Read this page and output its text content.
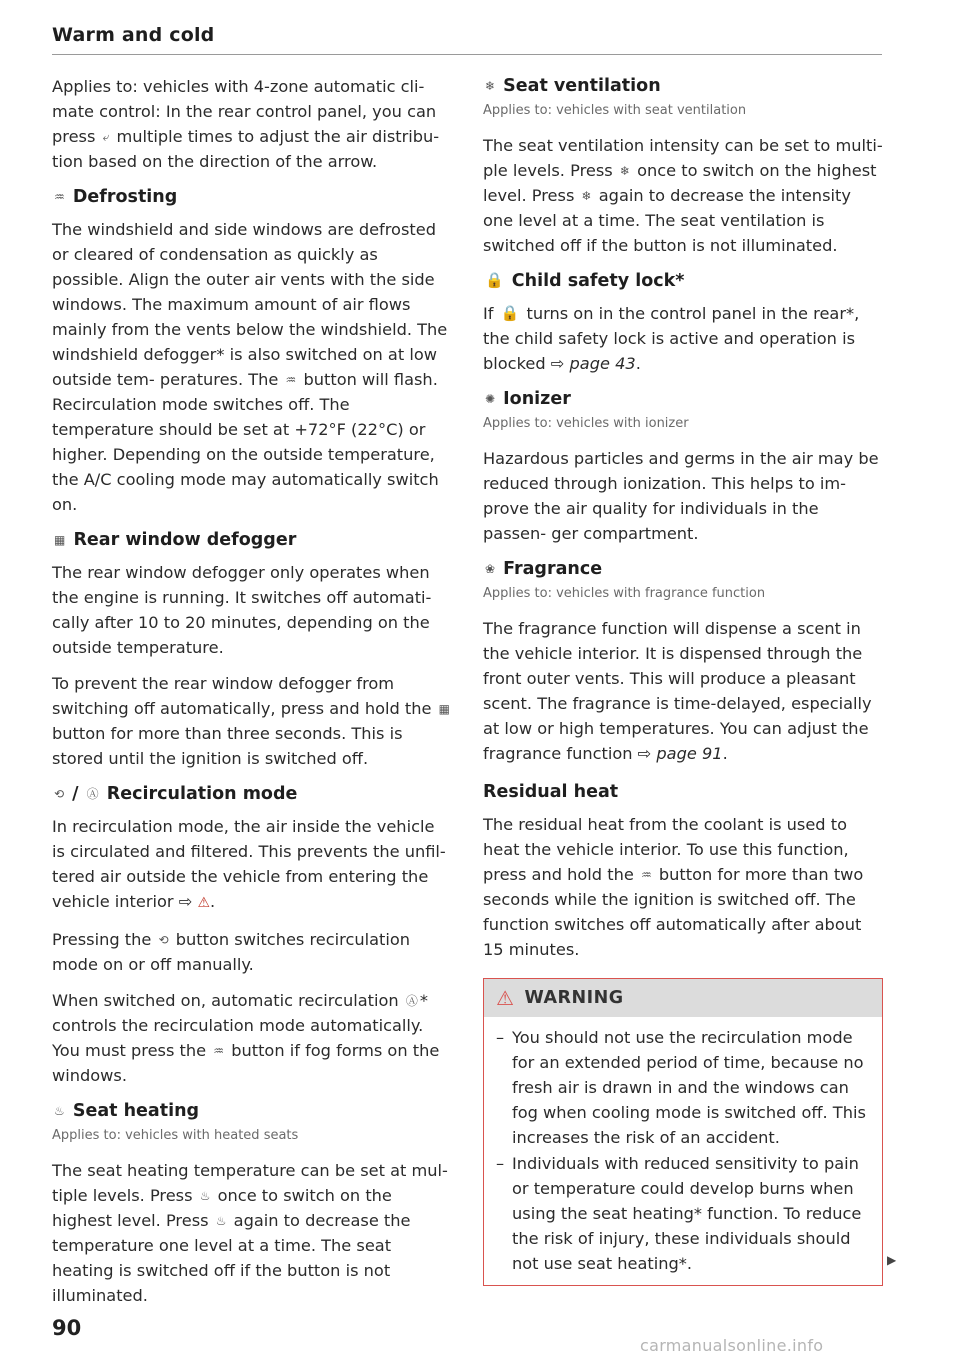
Warm and cold

Applies to: vehicles with 4-zone automatic cli- mate control: In the rear control panel, you can press ⤶ multiple times to adjust the air distribu- tion based on the direction of the arrow.

♒ Defrosting

The windshield and side windows are defrosted or cleared of condensation as quickly as possible. Align the outer air vents with the side windows. The maximum amount of air flows mainly from the vents below the windshield. The windshield defogger* is also switched on at low outside tem- peratures. The ♒ button will flash. Recirculation mode switches off. The temperature should be set at +72°F (22°C) or higher. Depending on the outside temperature, the A/C cooling mode may automatically switch on.

▦ Rear window defogger

The rear window defogger only operates when the engine is running. It switches off automati- cally after 10 to 20 minutes, depending on the outside temperature.

To prevent the rear window defogger from switching off automatically, press and hold the ▦ button for more than three seconds. This is stored until the ignition is switched off.

⟲ / Ⓐ Recirculation mode

In recirculation mode, the air inside the vehicle is circulated and filtered. This prevents the unfil- tered air outside the vehicle from entering the vehicle interior ⇨ ⚠.

Pressing the ⟲ button switches recirculation mode on or off manually.

When switched on, automatic recirculation Ⓐ * controls the recirculation mode automatically. You must press the ♒ button if fog forms on the windows.

♨ Seat heating
Applies to: vehicles with heated seats

The seat heating temperature can be set at mul- tiple levels. Press ♨ once to switch on the highest level. Press ♨ again to decrease the temperature one level at a time. The seat heating is switched off if the button is not illuminated.

❄ Seat ventilation
Applies to: vehicles with seat ventilation

The seat ventilation intensity can be set to multi- ple levels. Press ❄ once to switch on the highest level. Press ❄ again to decrease the intensity one level at a time. The seat ventilation is switched off if the button is not illuminated.

🔒 Child safety lock*

If 🔒 turns on in the control panel in the rear*, the child safety lock is active and operation is blocked ⇨ page 43.

✺ Ionizer
Applies to: vehicles with ionizer

Hazardous particles and germs in the air may be reduced through ionization. This helps to im- prove the air quality for individuals in the passen- ger compartment.

❀ Fragrance
Applies to: vehicles with fragrance function

The fragrance function will dispense a scent in the vehicle interior. It is dispensed through the front outer vents. This will produce a pleasant scent. The fragrance is time-delayed, especially at low or high temperatures. You can adjust the fragrance function ⇨ page 91.

Residual heat

The residual heat from the coolant is used to heat the vehicle interior. To use this function, press and hold the ♒ button for more than two seconds while the ignition is switched off. The function switches off automatically after about 15 minutes.

⚠ WARNING
– You should not use the recirculation mode for an extended period of time, because no fresh air is drawn in and the windows can fog when cooling mode is switched off. This increases the risk of an accident.
– Individuals with reduced sensitivity to pain or temperature could develop burns when using the seat heating* function. To reduce the risk of injury, these individuals should not use seat heating*.	▶
90
carmanualsonline.info
